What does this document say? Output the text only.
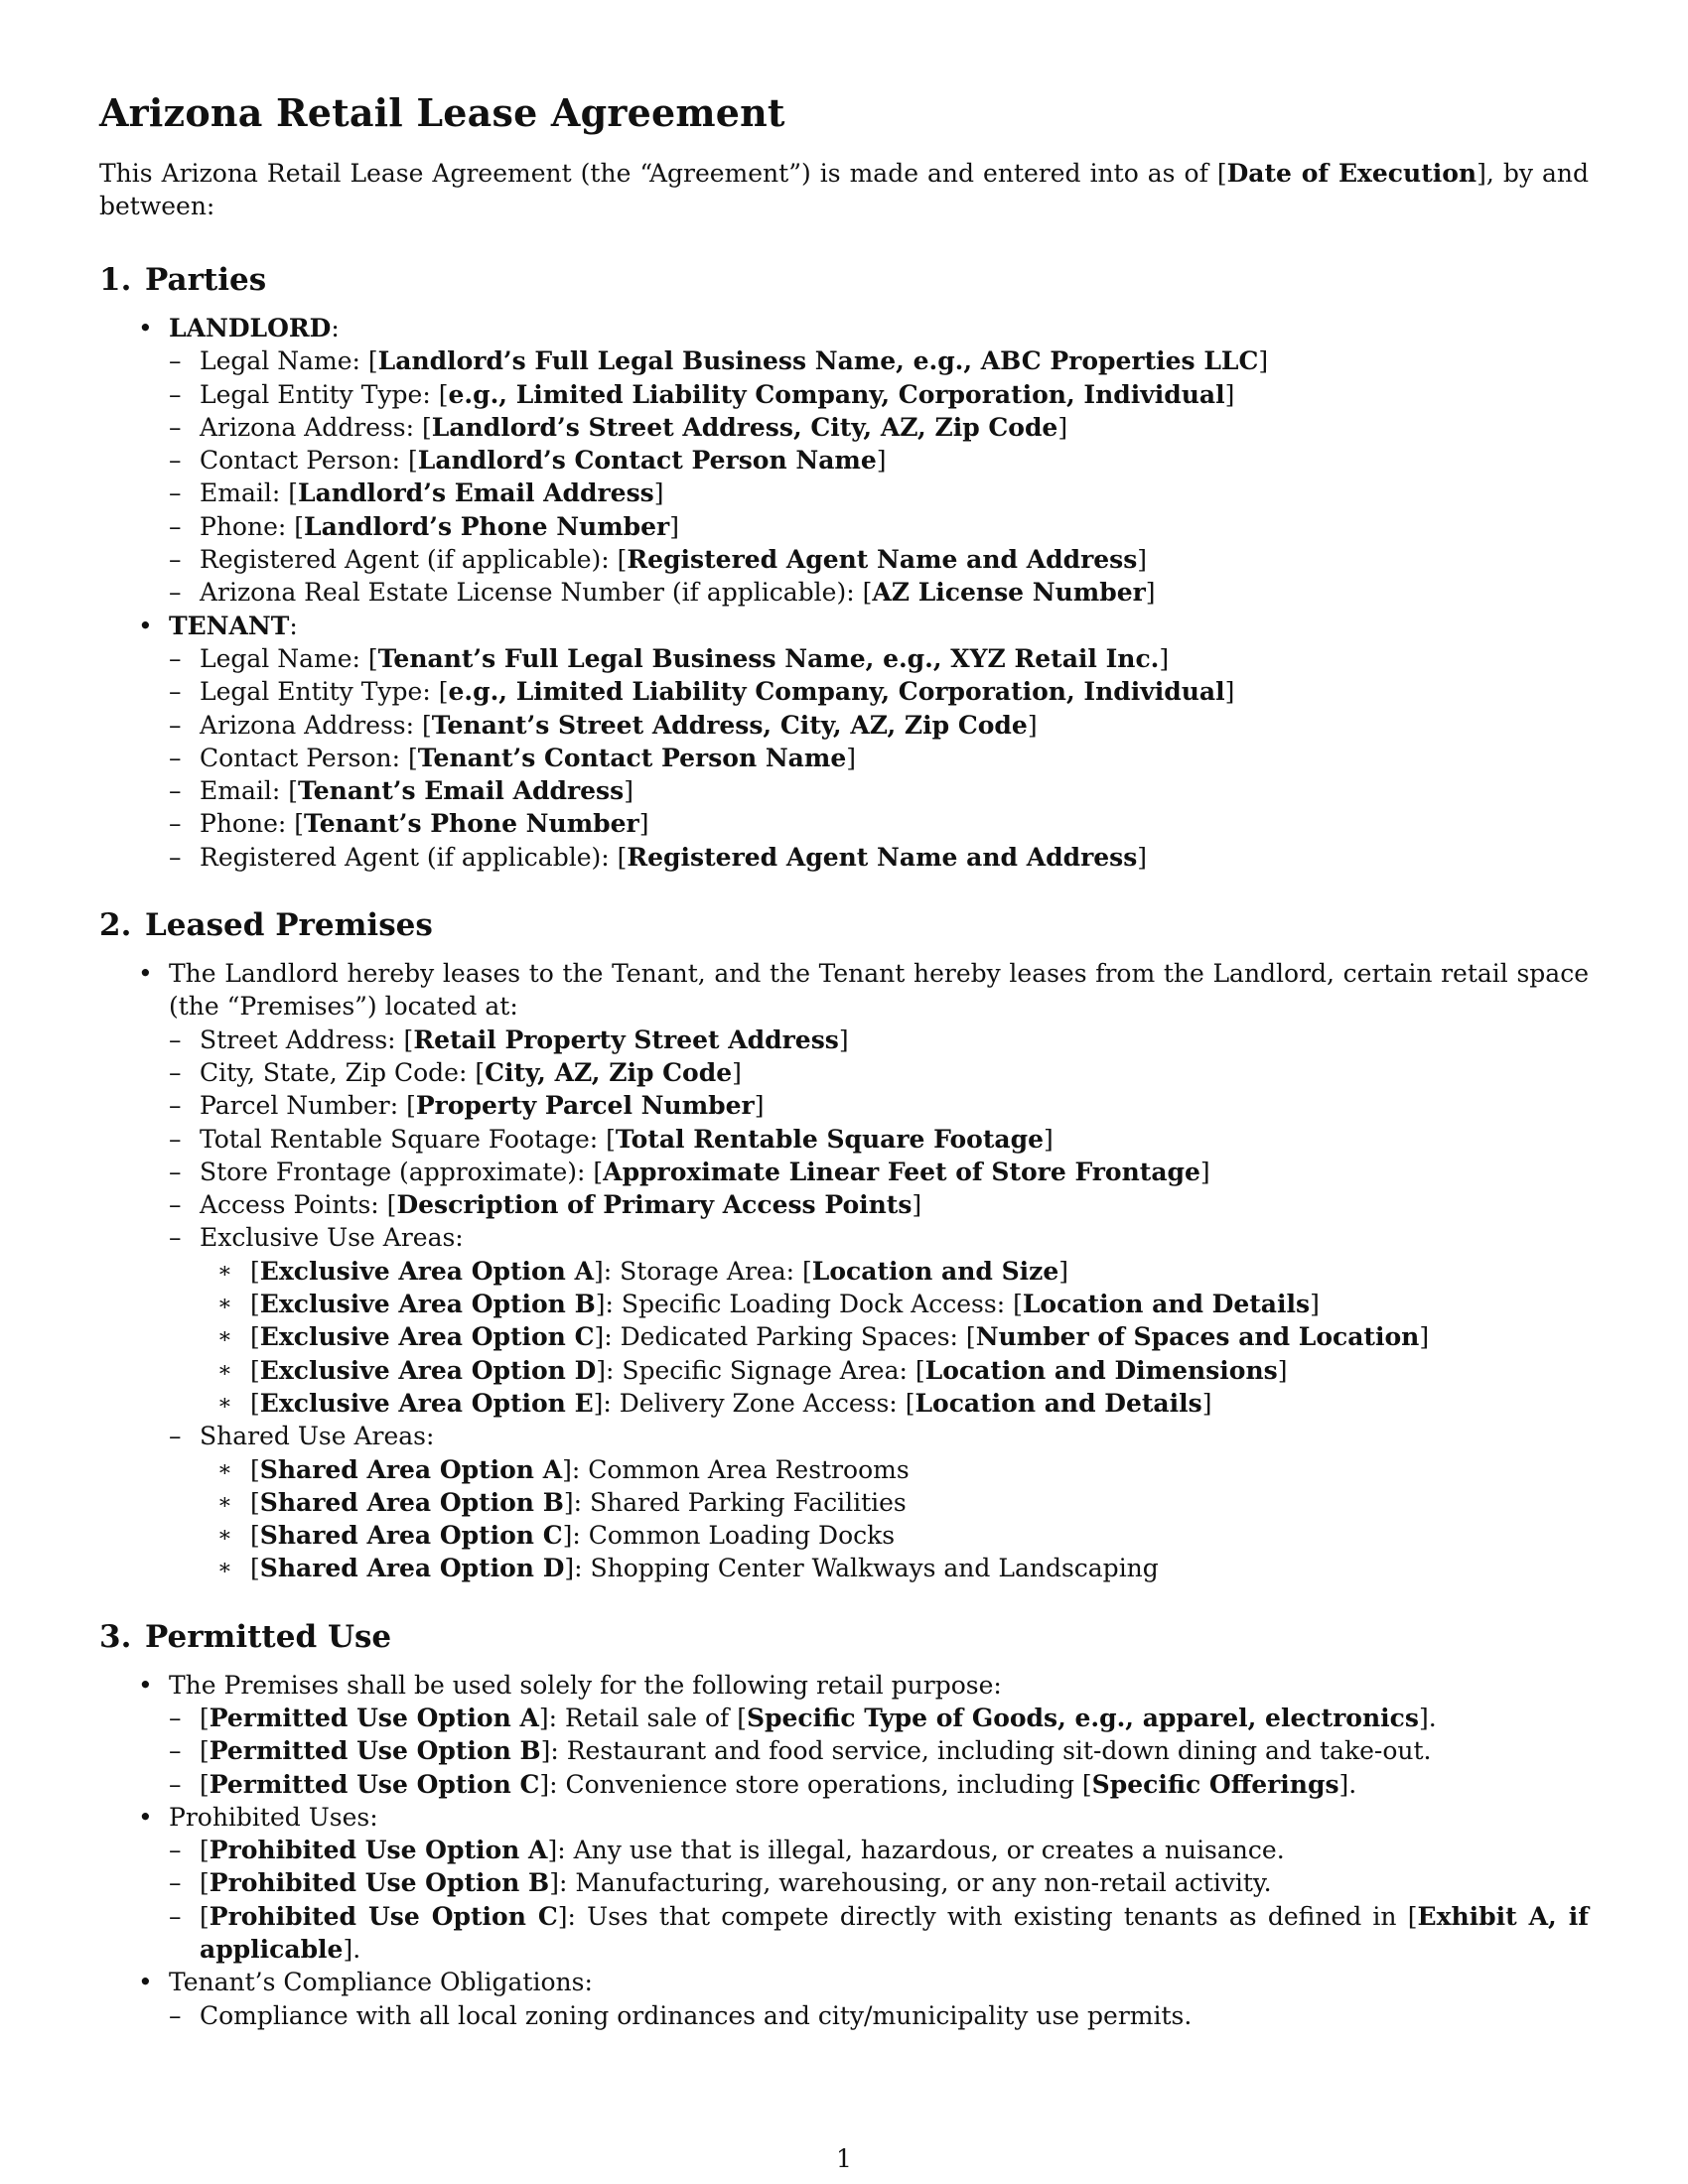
Arizona Retail Lease Agreement

This Arizona Retail Lease Agreement (the “Agreement”) is made and entered into as of [Date of Execution], by and between:

1. Parties
• LANDLORD:
– Legal Name: [Landlord’s Full Legal Business Name, e.g., ABC Properties LLC]
– Legal Entity Type: [e.g., Limited Liability Company, Corporation, Individual]
– Arizona Address: [Landlord’s Street Address, City, AZ, Zip Code]
– Contact Person: [Landlord’s Contact Person Name]
– Email: [Landlord’s Email Address]
– Phone: [Landlord’s Phone Number]
– Registered Agent (if applicable): [Registered Agent Name and Address]
– Arizona Real Estate License Number (if applicable): [AZ License Number]
• TENANT:
– Legal Name: [Tenant’s Full Legal Business Name, e.g., XYZ Retail Inc.]
– Legal Entity Type: [e.g., Limited Liability Company, Corporation, Individual]
– Arizona Address: [Tenant’s Street Address, City, AZ, Zip Code]
– Contact Person: [Tenant’s Contact Person Name]
– Email: [Tenant’s Email Address]
– Phone: [Tenant’s Phone Number]
– Registered Agent (if applicable): [Registered Agent Name and Address]
2. Leased Premises
• The Landlord hereby leases to the Tenant, and the Tenant hereby leases from the Landlord, certain retail space (the “Premises”) located at:
– Street Address: [Retail Property Street Address]
– City, State, Zip Code: [City, AZ, Zip Code]
– Parcel Number: [Property Parcel Number]
– Total Rentable Square Footage: [Total Rentable Square Footage]
– Store Frontage (approximate): [Approximate Linear Feet of Store Frontage]
– Access Points: [Description of Primary Access Points]
– Exclusive Use Areas:
∗ [Exclusive Area Option A]: Storage Area: [Location and Size]
∗ [Exclusive Area Option B]: Specific Loading Dock Access: [Location and Details]
∗ [Exclusive Area Option C]: Dedicated Parking Spaces: [Number of Spaces and Location]
∗ [Exclusive Area Option D]: Specific Signage Area: [Location and Dimensions]
∗ [Exclusive Area Option E]: Delivery Zone Access: [Location and Details]
– Shared Use Areas:
∗ [Shared Area Option A]: Common Area Restrooms
∗ [Shared Area Option B]: Shared Parking Facilities
∗ [Shared Area Option C]: Common Loading Docks
∗ [Shared Area Option D]: Shopping Center Walkways and Landscaping
3. Permitted Use
• The Premises shall be used solely for the following retail purpose:
– [Permitted Use Option A]: Retail sale of [Specific Type of Goods, e.g., apparel, electronics].
– [Permitted Use Option B]: Restaurant and food service, including sit-down dining and take-out.
– [Permitted Use Option C]: Convenience store operations, including [Specific Offerings].
• Prohibited Uses:
– [Prohibited Use Option A]: Any use that is illegal, hazardous, or creates a nuisance.
– [Prohibited Use Option B]: Manufacturing, warehousing, or any non-retail activity.
– [Prohibited Use Option C]: Uses that compete directly with existing tenants as defined in [Exhibit A, if applicable].
• Tenant’s Compliance Obligations:
– Compliance with all local zoning ordinances and city/municipality use permits.
1
